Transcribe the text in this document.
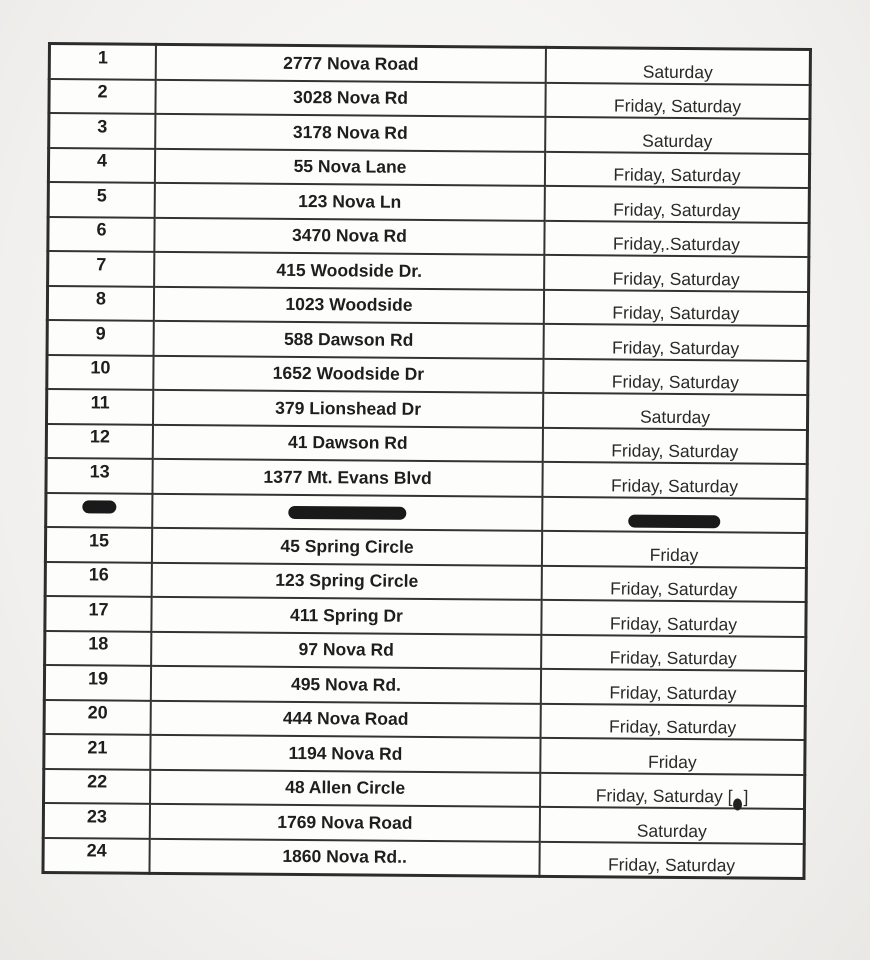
1	2777 Nova Road	Saturday
2	3028 Nova Rd	Friday, Saturday
3	3178 Nova Rd	Saturday
4	55 Nova Lane	Friday, Saturday
5	123 Nova Ln	Friday, Saturday
6	3470 Nova Rd	Friday,.Saturday
7	415 Woodside Dr.	Friday, Saturday
8	1023 Woodside	Friday, Saturday
9	588 Dawson Rd	Friday, Saturday
10	1652 Woodside Dr	Friday, Saturday
11	379 Lionshead Dr	Saturday
12	41 Dawson Rd	Friday, Saturday
13	1377 Mt. Evans Blvd	Friday, Saturday

15	45 Spring Circle	Friday
16	123 Spring Circle	Friday, Saturday
17	411 Spring Dr	Friday, Saturday
18	97 Nova Rd	Friday, Saturday
19	495 Nova Rd.	Friday, Saturday
20	444 Nova Road	Friday, Saturday
21	1194 Nova Rd	Friday
22	48 Allen Circle	Friday, Saturday [ ]
23	1769 Nova Road	Saturday
24	1860 Nova Rd..	Friday, Saturday
